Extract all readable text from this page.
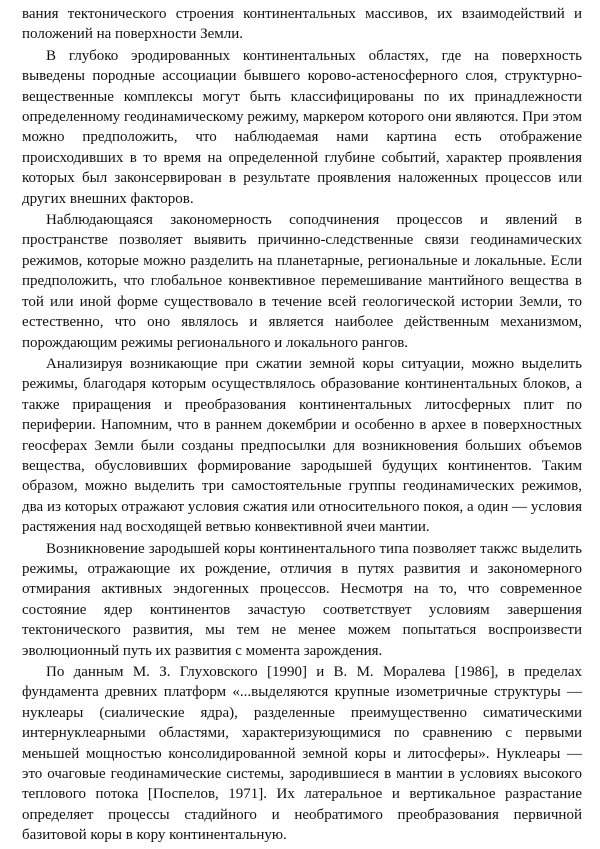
вания тектонического строения континентальных массивов, их взаимодействий и положений на поверхности Земли.

В глубоко эродированных континентальных областях, где на поверхность выведены породные ассоциации бывшего корово-астеносферного слоя, структурно-вещественные комплексы могут быть классифицированы по их принадлежности определенному геодинамическому режиму, маркером которого они являются. При этом можно предположить, что наблюдаемая нами картина есть отображение происходивших в то время на определенной глубине событий, характер проявления которых был законсервирован в результате проявления наложенных процессов или других внешних факторов.

Наблюдающаяся закономерность соподчинения процессов и явлений в пространстве позволяет выявить причинно-следственные связи геодинамических режимов, которые можно разделить на планетарные, региональные и локальные. Если предположить, что глобальное конвективное перемешивание мантийного вещества в той или иной форме существовало в течение всей геологической истории Земли, то естественно, что оно являлось и является наиболее действенным механизмом, порождающим режимы регионального и локального рангов.

Анализируя возникающие при сжатии земной коры ситуации, можно выделить режимы, благодаря которым осуществлялось образование континентальных блоков, а также приращения и преобразования континентальных литосферных плит по периферии. Напомним, что в раннем докембрии и особенно в архее в поверхностных геосферах Земли были созданы предпосылки для возникновения больших объемов вещества, обусловивших формирование зародышей будущих континентов. Таким образом, можно выделить три самостоятельные группы геодинамических режимов, два из которых отражают условия сжатия или относительного покоя, а один — условия растяжения над восходящей ветвью конвективной ячеи мантии.

Возникновение зародышей коры континентального типа позволяет такжс выделить режимы, отражающие их рождение, отличия в путях развития и закономерного отмирания активных эндогенных процессов. Несмотря на то, что современное состояние ядер континентов зачастую соответствует условиям завершения тектонического развития, мы тем не менее можем попытаться воспроизвести эволюционный путь их развития с момента зарождения.

По данным М. З. Глуховского [1990] и В. М. Моралева [1986], в пределах фундамента древних платформ «...выделяются крупные изометричные структуры — нуклеары (сиалические ядра), разделенные преимущественно симатическими интернуклеарными областями, характеризующимися по сравнению с первыми меньшей мощностью консолидированной земной коры и литосферы». Нуклеары — это очаговые геодинамические системы, зародившиеся в мантии в условиях высокого теплового потока [Поспелов, 1971]. Их латеральное и вертикальное разрастание определяет процессы стадийного и необратимого преобразования первичной базитовой коры в кору континентальную.
